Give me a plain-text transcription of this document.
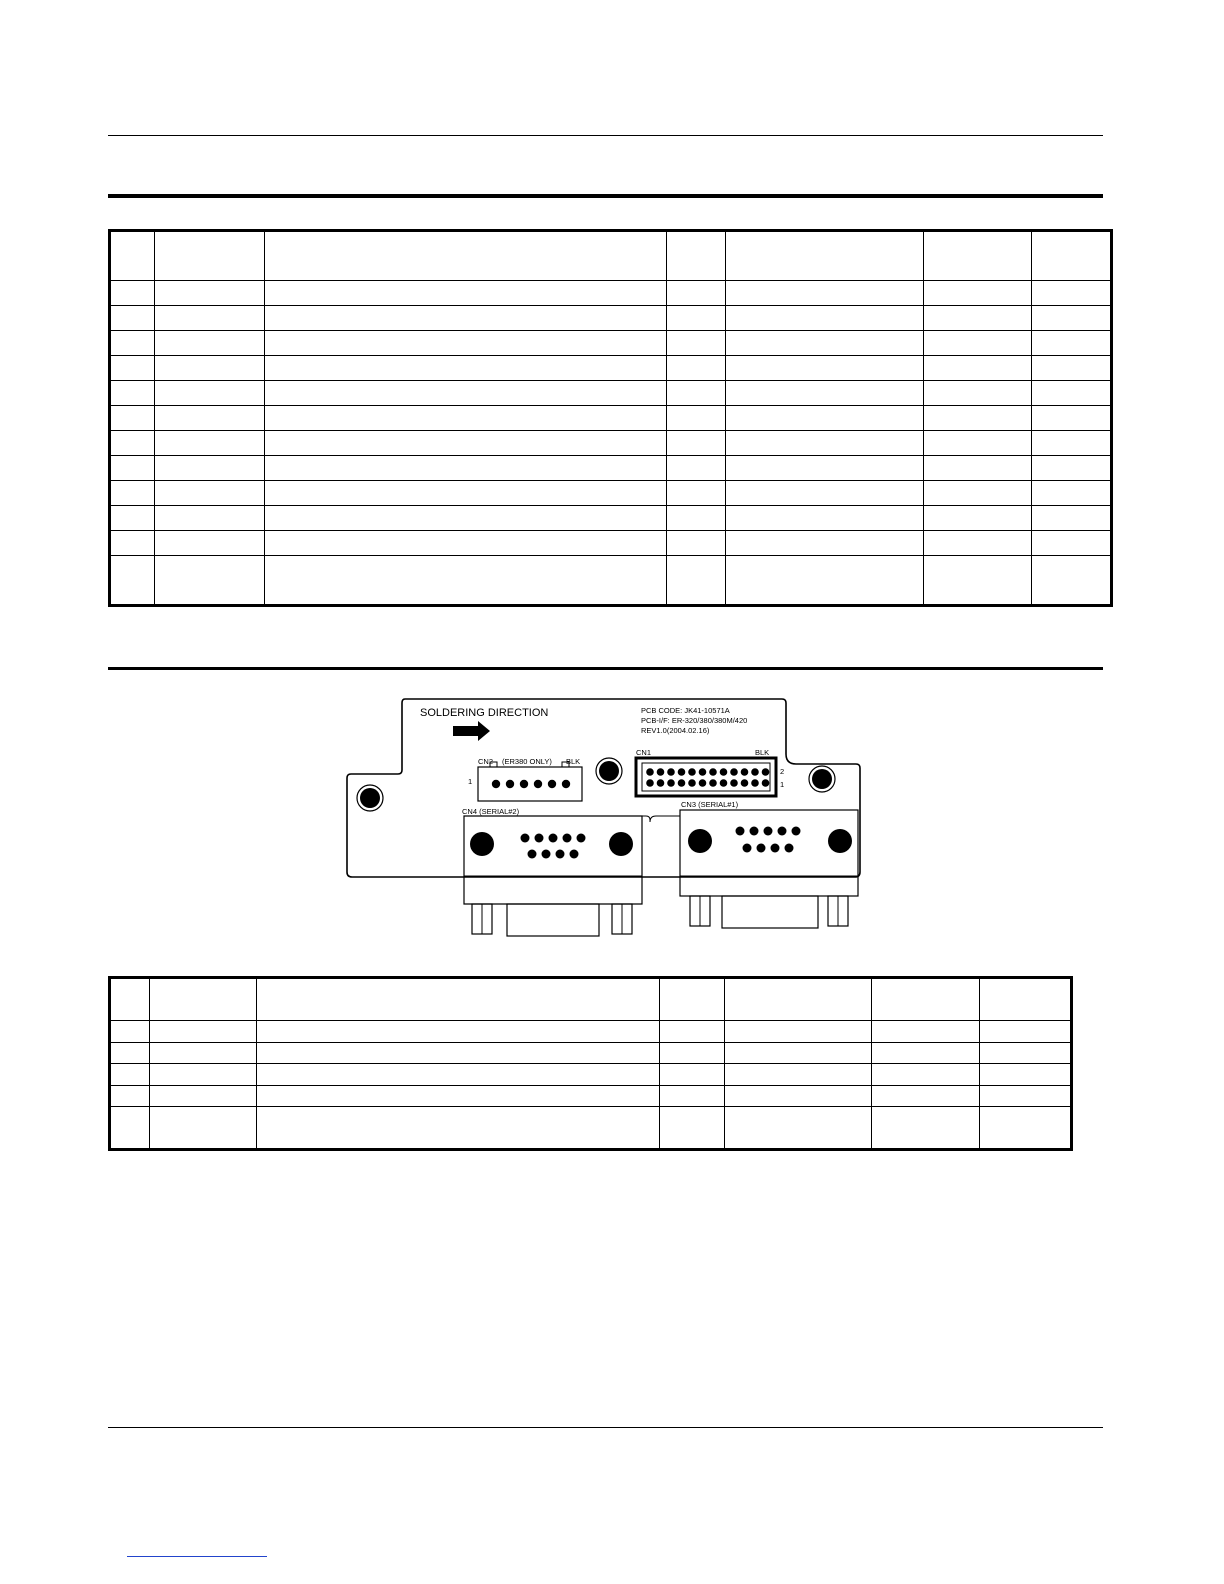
SOLDERING DIRECTION	PCB CODE: JK41-10571A
PCB-I/F: ER-320/380/380M/420
REV1.0(2004.02.16)
CN2 (ER380 ONLY) BLK
1
CN1	BLK
2
1
CN4 (SERIAL#2)
CN3 (SERIAL#1)
